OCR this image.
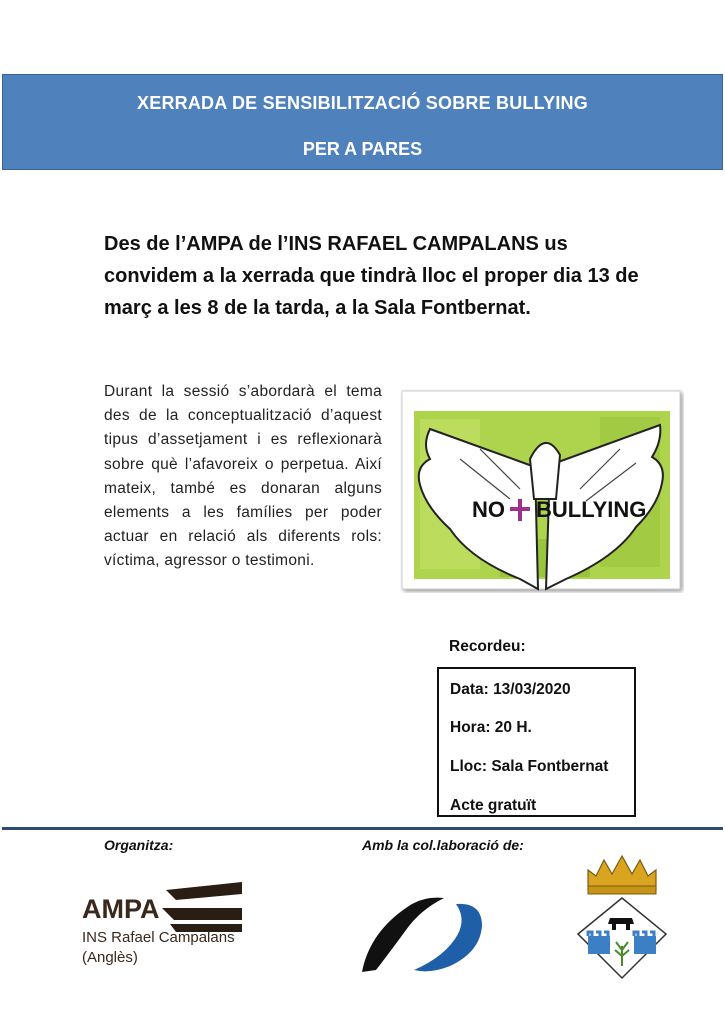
XERRADA DE SENSIBILITZACIÓ SOBRE BULLYING
PER A PARES
Des de l’AMPA de l’INS RAFAEL CAMPALANS us convidem a la xerrada que tindrà lloc el proper dia 13 de març a les 8 de la tarda, a la Sala Fontbernat.
Durant la sessió s’abordarà el tema des de la conceptualització d’aquest tipus d’assetjament i es reflexionarà sobre què l’afavoreix o perpetua. Així mateix, també es donaran alguns elements a les famílies per poder actuar en relació als diferents rols: víctima, agressor o testimoni.
NO BULLYING
Recordeu:
Data: 13/03/2020
Hora: 20 H.
Lloc: Sala Fontbernat
Acte gratuït
Organitza:	Amb la col.laboració de:
AMPA
INS Rafael Campalans
(Anglès)
